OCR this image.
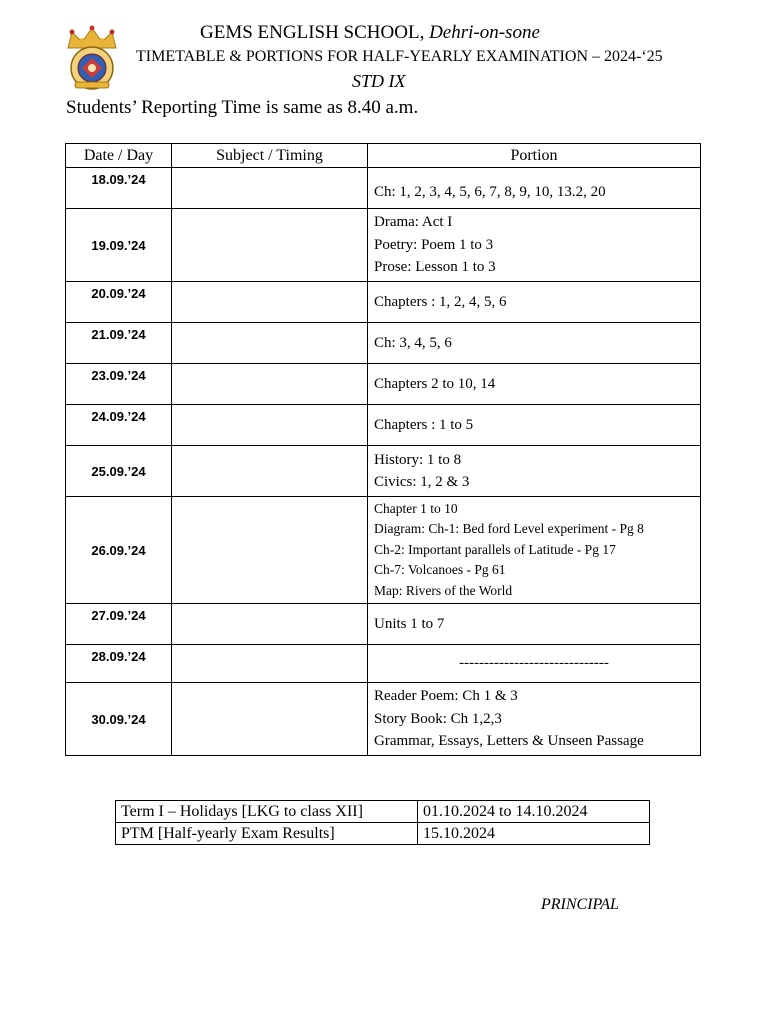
GEMS ENGLISH SCHOOL, Dehri-on-sone
TIMETABLE & PORTIONS FOR HALF-YEARLY EXAMINATION – 2024-‘25
STD IX
Students’ Reporting Time is same as 8.40 a.m.
Date / Day	Subject / Timing	Portion
18.09.’24		Ch: 1, 2, 3, 4, 5, 6, 7, 8, 9, 10, 13.2, 20

19.09.’24		Drama: Act I
Poetry: Poem 1 to 3
Prose: Lesson 1 to 3

20.09.’24		Chapters : 1, 2, 4, 5, 6

21.09.’24		Ch: 3, 4, 5, 6

23.09.’24		Chapters 2 to 10, 14

24.09.’24		Chapters : 1 to 5

25.09.’24		History: 1 to 8
Civics: 1, 2 & 3

26.09.’24		Chapter 1 to 10
Diagram: Ch-1: Bed ford Level experiment - Pg 8
Ch-2: Important parallels of Latitude - Pg 17
Ch-7: Volcanoes - Pg 61
Map: Rivers of the World

27.09.’24		Units 1 to 7

28.09.’24		------------------------------

30.09.’24		Reader Poem: Ch 1 & 3
Story Book: Ch 1,2,3
Grammar, Essays, Letters & Unseen Passage
Term I – Holidays [LKG to class XII]	01.10.2024 to 14.10.2024
PTM [Half-yearly Exam Results]	15.10.2024
PRINCIPAL
